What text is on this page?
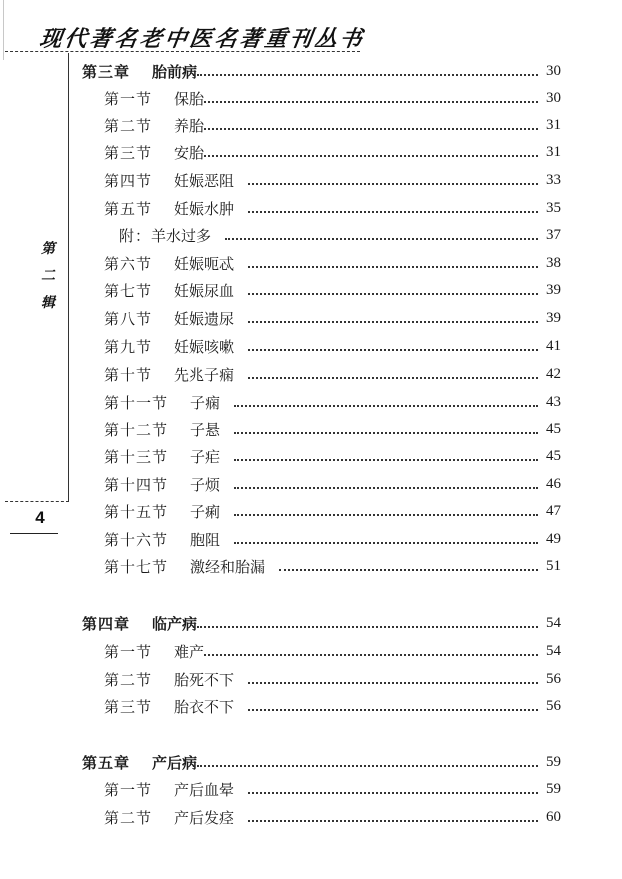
现代著名老中医名著重刊丛书
第
二
辑
4
第三章 胎前病	30
第一节 保胎	30
第二节 养胎	31
第三节 安胎	31
第四节 妊娠恶阻	33
第五节 妊娠水肿	35
附： 羊水过多	37
第六节 妊娠呃忒	38
第七节 妊娠尿血	39
第八节 妊娠遗尿	39
第九节 妊娠咳嗽	41
第十节 先兆子痫	42
第十一节 子痫	43
第十二节 子悬	45
第十三节 子疟	45
第十四节 子烦	46
第十五节 子痢	47
第十六节 胞阻	49
第十七节 激经和胎漏	51
第四章 临产病	54
第一节 难产	54
第二节 胎死不下	56
第三节 胎衣不下	56
第五章 产后病	59
第一节 产后血晕	59
第二节 产后发痉	60
